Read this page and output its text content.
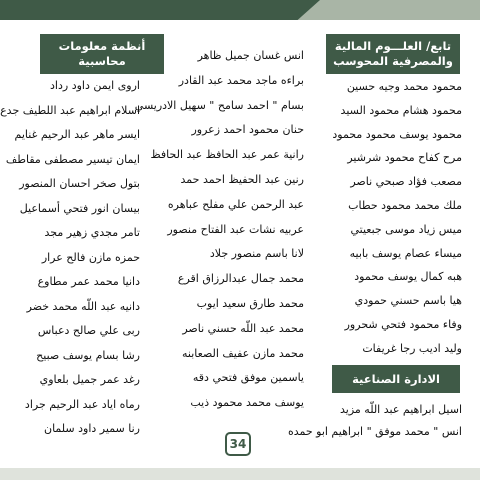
تابع/ العلـــوم المالية والمصرفية المحوسب
أنظمة معلومات محاسبية
الادارة الصناعية
محمود محمد وجيه حسين
محمود هشام محمود السيد
محمود يوسف محمود محمود
مرح كفاح محمود شرشير
مصعب فؤاد صبحي ناصر
ملك محمد محمود حطاب
ميس زياد موسى جبعيتي
ميساء عصام يوسف بابيه
هبه كمال يوسف محمود
هيا باسم حسني حمودي
وفاء محمود فتحي شحرور
وليد اديب رجا غريفات
انس غسان جميل ظاهر
براءه ماجد محمد عبد القادر
بسام " احمد سامح " سهيل الادريسي
حنان محمود احمد زعرور
رانية عمر عبد الحافظ عبد الحافظ
رنين عبد الحفيظ احمد حمد
عبد الرحمن علي مفلح عباهره
عربيه نشات عبد الفتاح منصور
لانا باسم منصور جلاد
محمد جمال عبدالرزاق اقرع
محمد طارق سعيد ايوب
محمد عبد اللّه حسني ناصر
محمد مازن عفيف الصعابنه
ياسمين موفق فتحي دقه
يوسف محمد محمود ذيب
اروى ايمن داود رداد
اسلام ابراهيم عبد اللطيف جدع
ايسر ماهر عبد الرحيم غنايم
ايمان تيسير مصطفى مقاطف
بتول صخر احسان المنصور
بيسان انور فتحي أسماعيل
تامر مجدي زهير مجد
حمزه مازن فالح عرار
دانيا محمد عمر مطاوع
دانيه عبد اللّه محمد خضر
ربى علي صالح دعباس
رشا بسام يوسف صبيح
رغد عمر جميل بلعاوي
رماه اياد عبد الرحيم جراد
رنا سمير داود سلمان
اسيل ابراهيم عبد اللّه مزيد
انس " محمد موفق " ابراهيم ابو حمده
34
